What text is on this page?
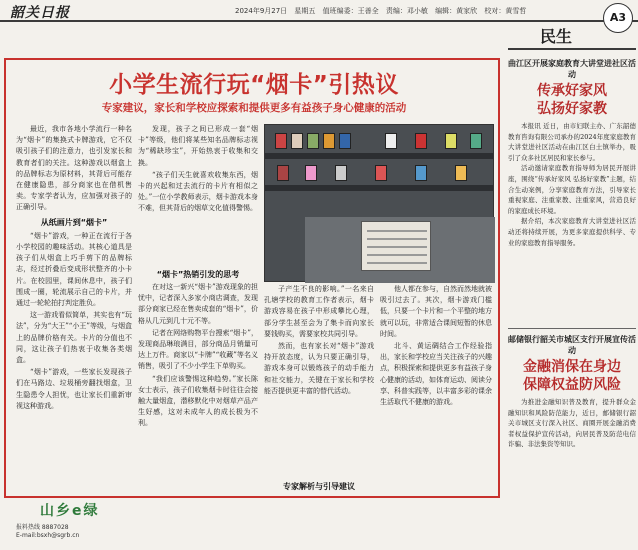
韶关日报	2024年9月27日 星期五 值班编委：王善全 责编：邓小敏 编辑：黄家欣 校对：黄雪哲	A3
民生
小学生流行玩“烟卡”引热议
专家建议，家长和学校应探索和提供更多有益孩子身心健康的活动

最近，我市各地小学流行一种名为“烟卡”的集换式卡牌游戏，它不仅吸引孩子们的注意力，也引发家长和教育者们的关注。这种游戏以烟盒上的品牌标志为原材料，其背后可能存在健康隐患，部分商家也在借机售卖。专家学者认为，应加强对孩子的正确引导。

从纸画片到“烟卡”

“烟卡”游戏，一种正在流行于各小学校园的趣味活动。其核心道具是孩子们从烟盒上巧手剪下的品牌标志，经过折叠后变成形状整齐的小卡片。在校园里，课间休息中，孩子们围成一圈，轮流展示自己的卡片，并通过一轮轮拍打判定胜负。

这一游戏看似简单，其实也有“玩法”，分为“大王”“小王”等级，与烟盒上的品牌价格有关。卡片的分值也不同，这让孩子们热衷于收集各类烟盒。

“烟卡”游戏，一些家长发现孩子们在马路边、垃圾桶旁翻找烟盒，卫生隐患令人担忧，也让家长们重新审视这种游戏。

发现，孩子之间已形成一套“烟卡”等级，他们将某些知名品牌标志视为“稀缺珍宝”，开始热衷于收集和交换。

“孩子们天生就喜欢收集东西，烟卡的兴起和过去流行的卡片有相似之处。”一位小学教师表示，烟卡游戏本身不难，但其背后的烟草文化值得警惕。

“烟卡”热销引发的思考

在对这一新兴“烟卡”游戏现象的担忧中，记者深入多家小商店调查，发现部分商家已经在售卖成套的“烟卡”，价格从几元到几十元不等。

记者在网络购物平台搜索“烟卡”，发现商品琳琅满目，部分商品月销量可达上万件。商家以“卡牌”“收藏”等名义销售，吸引了不少小学生下单购买。

“我们应该警惕这种趋势。”家长陈女士表示，孩子们收集烟卡时往往会接触大量烟盒，潜移默化中对烟草产品产生好感，这对未成年人的成长极为不利。

子产生不良的影响。”一名来自孔塘学校的教育工作者表示，烟卡游戏容易在孩子中形成攀比心理，部分学生甚至会为了集卡而向家长要钱购买，需要家校共同引导。

然而，也有家长对“烟卡”游戏持开放态度，认为只要正确引导，游戏本身可以锻炼孩子的动手能力和社交能力，关键在于家长和学校能否提供更丰富的替代活动。

专家解析与引导建议

他人都在参与，自然而然地就被吸引过去了。其次，烟卡游戏门槛低，只要一个卡片和一个平整的地方就可以玩，非常适合课间短暂的休息时间。

北斗、黄运碉结合工作经验指出，家长和学校应当关注孩子的兴趣点，积极探索和提供更多有益孩子身心健康的活动，如体育运动、阅读分享、科普实践等，以丰富多彩的课余生活取代不健康的游戏。

山乡e绿
报料热线 8887028
E-mail:bsxh@sgrb.cn
曲江区开展家庭教育大讲堂进社区活动
传承好家风
弘扬好家教

本报讯 近日，由市妇联主办、广东韶德教育咨询有限公司承办的2024年度家庭教育大讲堂进社区活动在曲江区白土镇举办，吸引了众多社区居民和家长参与。

活动邀请家庭教育指导师为居民开展讲座，围绕“传承好家风 弘扬好家教”主题，结合生动案例，分享家庭教育方法，引导家长重视家庭、注重家教、注重家风，营造良好的家庭成长环境。

据介绍，本次家庭教育大讲堂进社区活动还将持续开展，为更多家庭提供科学、专业的家庭教育指导服务。

邮储银行韶关市城区支行开展宣传活动
金融消保在身边
保障权益防风险

为推进金融知识普及教育，提升群众金融知识和风险防范能力，近日，邮储银行韶关市城区支行深入社区、商圈开展金融消费者权益保护宣传活动，向居民普及防范电信诈骗、非法集资等知识。
